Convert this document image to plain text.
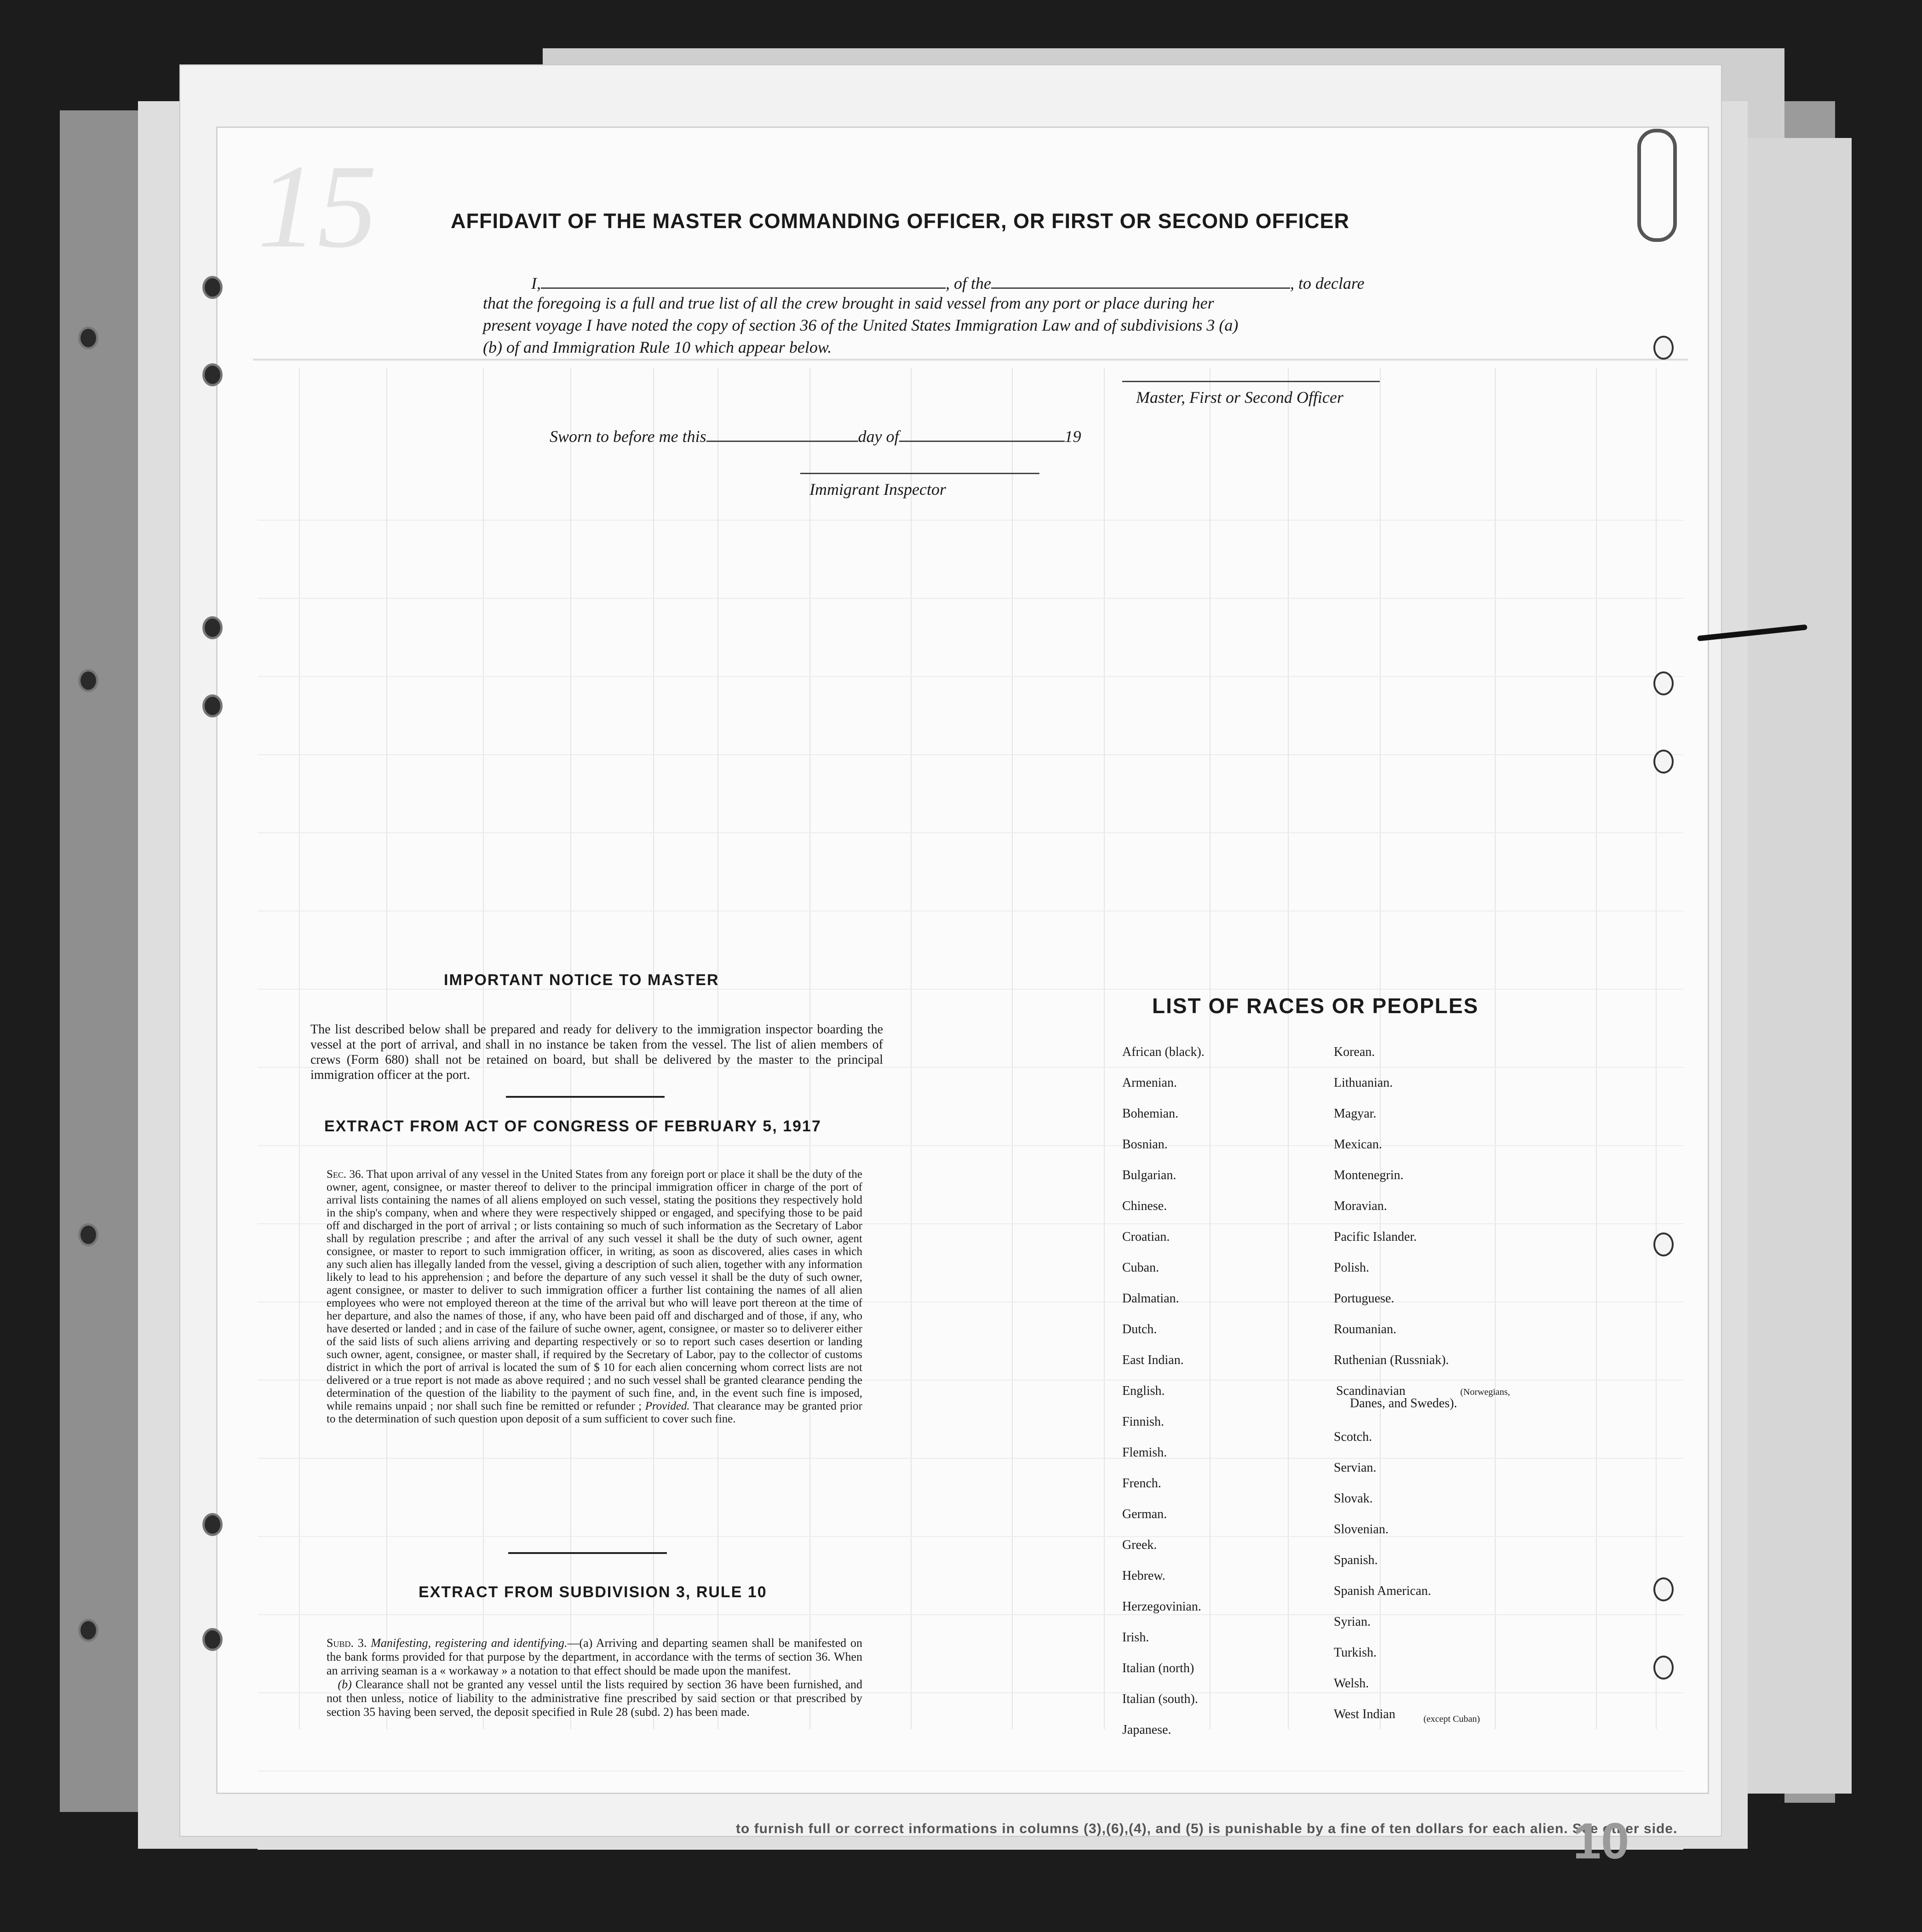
15	AFFIDAVIT OF THE MASTER COMMANDING OFFICER, OR FIRST OR SECOND OFFICER
I,	, of the	, to declare
that the foregoing is a full and true list of all the crew brought in said vessel from any port or place during her
present voyage I have noted the copy of section 36 of the United States Immigration Law and of subdivisions 3 (a)
(b) of and Immigration Rule 10 which appear below.
Master, First or Second Officer
Sworn to before me this	day of	19
Immigrant Inspector
IMPORTANT NOTICE TO MASTER
The list described below shall be prepared and ready for delivery to the immigration inspector boarding the vessel at the port of arrival, and shall in no instance be taken from the vessel. The list of alien members of crews (Form 680) shall not be retained on board, but shall be delivered by the master to the principal immigration officer at the port.
EXTRACT FROM ACT OF CONGRESS OF FEBRUARY 5, 1917
Sec. 36. That upon arrival of any vessel in the United States from any foreign port or place it shall be the duty of the owner, agent, consignee, or master thereof to deliver to the principal immigration officer in charge of the port of arrival lists containing the names of all aliens employed on such vessel, stating the positions they respectively hold in the ship's company, when and where they were respectively shipped or engaged, and specifying those to be paid off and discharged in the port of arrival ; or lists containing so much of such information as the Secretary of Labor shall by regulation prescribe ; and after the arrival of any such vessel it shall be the duty of such owner, agent consignee, or master to report to such immigration officer, in writing, as soon as discovered, alies cases in which any such alien has illegally landed from the vessel, giving a description of such alien, together with any information likely to lead to his apprehension ; and before the departure of any such vessel it shall be the duty of such owner, agent consignee, or master to deliver to such immigration officer a further list containing the names of all alien employees who were not employed thereon at the time of the arrival but who will leave port thereon at the time of her departure, and also the names of those, if any, who have been paid off and discharged and of those, if any, who have deserted or landed ; and in case of the failure of suche owner, agent, consignee, or master so to deliverer either of the said lists of such aliens arriving and departing respectively or so to report such cases desertion or landing such owner, agent, consignee, or master shall, if required by the Secretary of Labor, pay to the collector of customs district in which the port of arrival is located the sum of $ 10 for each alien concerning whom correct lists are not delivered or a true report is not made as above required ; and no such vessel shall be granted clearance pending the determination of the question of the liability to the payment of such fine, and, in the event such fine is imposed, while remains unpaid ; nor shall such fine be remitted or refunder ; Provided. That clearance may be granted prior to the determination of such question upon deposit of a sum sufficient to cover such fine.
EXTRACT FROM SUBDIVISION 3, RULE 10
Subd. 3. Manifesting, registering and identifying.—(a) Arriving and departing seamen shall be manifested on the bank forms provided for that purpose by the department, in accordance with the terms of section 36. When an arriving seaman is a « workaway » a notation to that effect should be made upon the manifest.
(b) Clearance shall not be granted any vessel until the lists required by section 36 have been furnished, and not then unless, notice of liability to the administrative fine prescribed by said section or that prescribed by section 35 having been served, the deposit specified in Rule 28 (subd. 2) has been made.
LIST OF RACES OR PEOPLES
African (black).
Armenian.
Bohemian.
Bosnian.
Bulgarian.
Chinese.
Croatian.
Cuban.
Dalmatian.
Dutch.
East Indian.
English.
Finnish.
Flemish.
French.
German.
Greek.
Hebrew.
Herzegovinian.
Irish.
Italian (north)
Italian (south).
Japanese.
Korean.
Lithuanian.
Magyar.
Mexican.
Montenegrin.
Moravian.
Pacific Islander.
Polish.
Portuguese.
Roumanian.
Ruthenian (Russniak).
Scandinavian
Scotch.
Servian.
Slovak.
Slovenian.
Spanish.
Spanish American.
Syrian.
Turkish.
Welsh.
West Indian
(Norwegians,
Danes, and Swedes).
(except Cuban)
to furnish full or correct informations in columns (3),(6),(4), and (5) is punishable by a fine of ten dollars for each alien. See other side.
10
